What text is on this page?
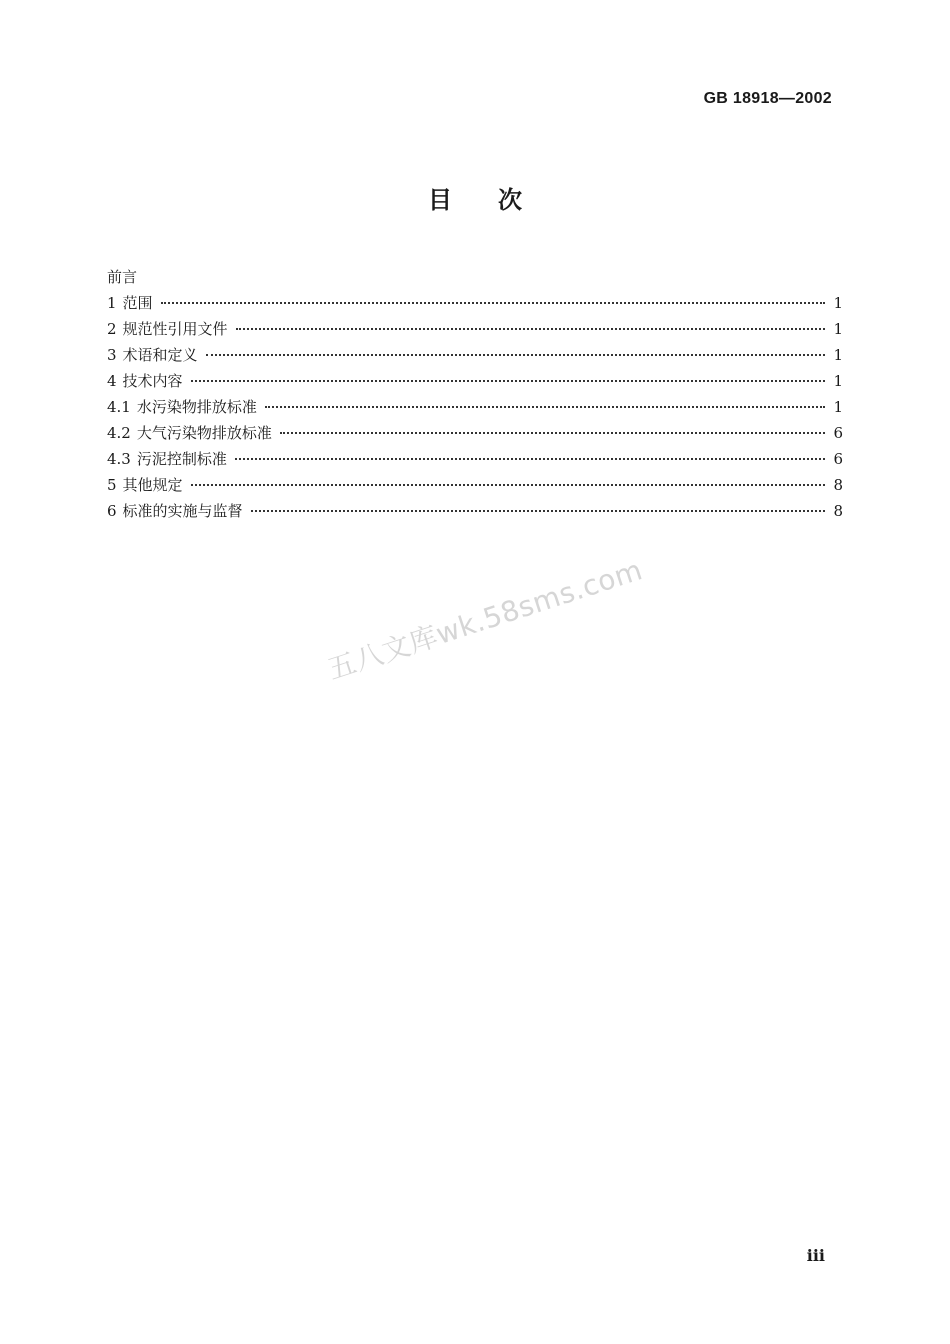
GB 18918—2002
目次
前言
1 范围	1
2 规范性引用文件	1
3 术语和定义	1
4 技术内容	1
4.1 水污染物排放标准	1
4.2 大气污染物排放标准	6
4.3 污泥控制标准	6
5 其他规定	8
6 标准的实施与监督	8
五八文库wk.58sms.com
iii
